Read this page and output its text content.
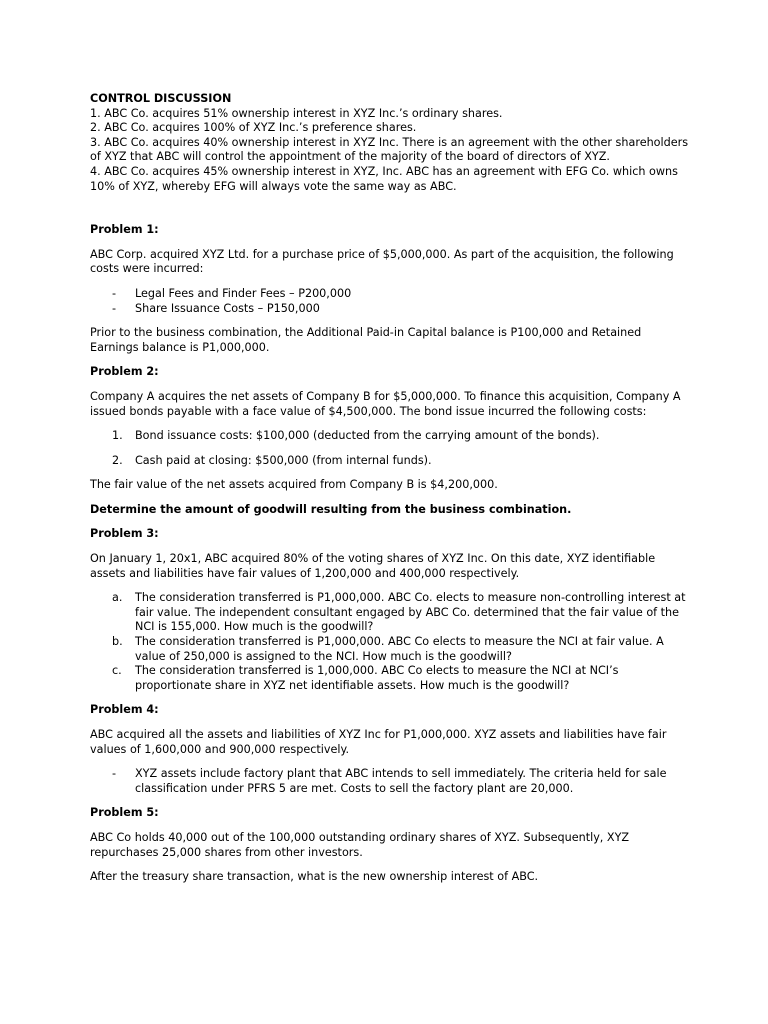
CONTROL DISCUSSION

1. ABC Co. acquires 51% ownership interest in XYZ Inc.’s ordinary shares.

2. ABC Co. acquires 100% of XYZ Inc.’s preference shares.

3. ABC Co. acquires 40% ownership interest in XYZ Inc. There is an agreement with the other shareholders of XYZ that ABC will control the appointment of the majority of the board of directors of XYZ.

4. ABC Co. acquires 45% ownership interest in XYZ, Inc. ABC has an agreement with EFG Co. which owns 10% of XYZ, whereby EFG will always vote the same way as ABC.

Problem 1:

ABC Corp. acquired XYZ Ltd. for a purchase price of $5,000,000. As part of the acquisition, the following costs were incurred:

- Legal Fees and Finder Fees – P200,000
- Share Issuance Costs – P150,000

Prior to the business combination, the Additional Paid-in Capital balance is P100,000 and Retained Earnings balance is P1,000,000.

Problem 2:

Company A acquires the net assets of Company B for $5,000,000. To finance this acquisition, Company A issued bonds payable with a face value of $4,500,000. The bond issue incurred the following costs:

1. Bond issuance costs: $100,000 (deducted from the carrying amount of the bonds).
2. Cash paid at closing: $500,000 (from internal funds).

The fair value of the net assets acquired from Company B is $4,200,000.

Determine the amount of goodwill resulting from the business combination.

Problem 3:

On January 1, 20x1, ABC acquired 80% of the voting shares of XYZ Inc. On this date, XYZ identifiable assets and liabilities have fair values of 1,200,000 and 400,000 respectively.

a. The consideration transferred is P1,000,000. ABC Co. elects to measure non-controlling interest at fair value. The independent consultant engaged by ABC Co. determined that the fair value of the NCI is 155,000. How much is the goodwill?
b. The consideration transferred is P1,000,000. ABC Co elects to measure the NCI at fair value. A value of 250,000 is assigned to the NCI. How much is the goodwill?
c. The consideration transferred is 1,000,000. ABC Co elects to measure the NCI at NCI’s proportionate share in XYZ net identifiable assets. How much is the goodwill?

Problem 4:

ABC acquired all the assets and liabilities of XYZ Inc for P1,000,000. XYZ assets and liabilities have fair values of 1,600,000 and 900,000 respectively.

- XYZ assets include factory plant that ABC intends to sell immediately. The criteria held for sale classification under PFRS 5 are met. Costs to sell the factory plant are 20,000.

Problem 5:

ABC Co holds 40,000 out of the 100,000 outstanding ordinary shares of XYZ. Subsequently, XYZ repurchases 25,000 shares from other investors.

After the treasury share transaction, what is the new ownership interest of ABC.
